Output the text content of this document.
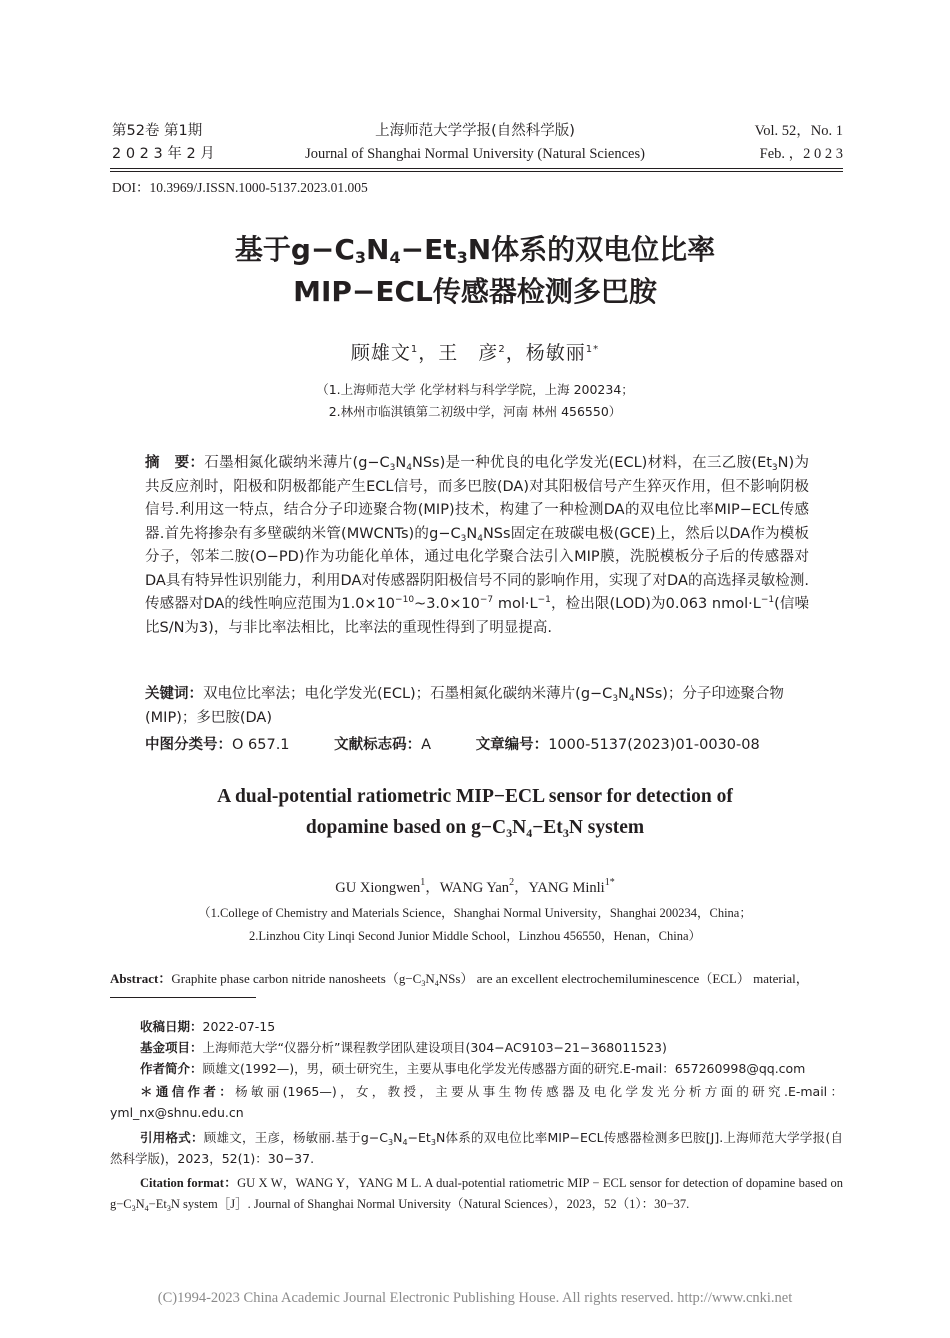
第52卷 第1期
2 0 2 3 年 2 月
上海师范大学学报(自然科学版)
Journal of Shanghai Normal University (Natural Sciences)
Vol. 52，No. 1
Feb. ，2 0 2 3
DOI：10.3969/J.ISSN.1000-5137.2023.01.005
基于$g-C_3N_4-Et_3N$体系的双电位比率
MIP−ECL传感器检测多巴胺
顾雄文$^1$，王　彦$^2$，杨敏丽$^{1*}$
（1.上海师范大学 化学材料与科学学院，上海 200234；
2.林州市临淇镇第二初级中学，河南 林州 456550）
摘　要：石墨相氮化碳纳米薄片$(g-C_3N_4NSs)$是一种优良的电化学发光(ECL)材料，在三乙胺$(Et_3N)$为共反应剂时，阳极和阴极都能产生ECL信号，而多巴胺(DA)对其阳极信号产生猝灭作用，但不影响阴极信号.利用这一特点，结合分子印迹聚合物(MIP)技术，构建了一种检测DA的双电位比率MIP−ECL传感器.首先将掺杂有多壁碳纳米管(MWCNTs)的$g-C_3N_4NSs$固定在玻碳电极(GCE)上，然后以DA作为模板分子，邻苯二胺(O−PD)作为功能化单体，通过电化学聚合法引入MIP膜，洗脱模板分子后的传感器对DA具有特异性识别能力，利用DA对传感器阴阳极信号不同的影响作用，实现了对DA的高选择灵敏检测.传感器对DA的线性响应范围为$1.0\times 10^{-10}\sim 3.0\times 10^{-7}$ $mol\cdot L^{-1}$，检出限(LOD)为0.063 $nmol\cdot L^{-1}$(信噪比S/N为3)，与非比率法相比，比率法的重现性得到了明显提高.
关键词：双电位比率法；电化学发光(ECL)；石墨相氮化碳纳米薄片$(g-C_3N_4NSs)$；分子印迹聚合物(MIP)；多巴胺(DA)
中图分类号：O 657.1	文献标志码：A	文章编号：1000-5137(2023)01-0030-08
A dual-potential ratiometric MIP−ECL sensor for detection of
dopamine based on $g-C_3N_4-Et_3N$ system
GU Xiongwen$^1$，WANG Yan$^2$，YANG Minli$^{1*}$
（1.College of Chemistry and Materials Science，Shanghai Normal University，Shanghai 200234，China；
2.Linzhou City Linqi Second Junior Middle School，Linzhou 456550，Henan，China）
Abstract：Graphite phase carbon nitride $nanosheets(g-C_3N_4NSs)$ are an excellent electrochemiluminescence（ECL） material，
收稿日期：2022-07-15
基金项目：上海师范大学“仪器分析”课程教学团队建设项目(304−AC9103−21−368011523)
作者简介：顾雄文(1992—)，男，硕士研究生，主要从事电化学发光传感器方面的研究.E-mail：657260998@qq.com
＊通信作者：杨敏丽(1965—)，女，教授，主要从事生物传感器及电化学发光分析方面的研究.E-mail：yml_nx@shnu.edu.cn
引用格式：顾雄文，王彦，杨敏丽.基于$g-C_3N_4-Et_3N$体系的双电位比率MIP−ECL传感器检测多巴胺[J].上海师范大学学报(自然科学版)，2023，52(1)：30−37.
Citation format：GU X W，WANG Y，YANG M L. A dual-potential ratiometric MIP − ECL sensor for detection of dopamine based on $g-C_3N_4-Et_3N$ system［J］. Journal of Shanghai Normal University（Natural Sciences），2023，52（1）：30−37.
(C)1994-2023 China Academic Journal Electronic Publishing House. All rights reserved. http://www.cnki.net
